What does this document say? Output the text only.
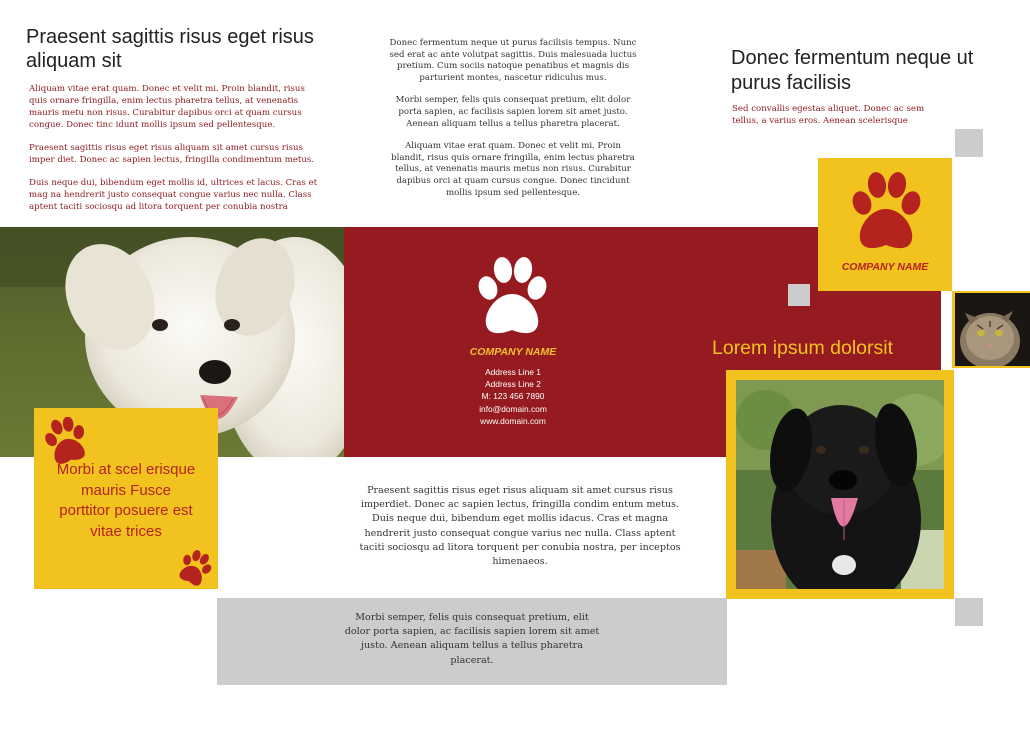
Praesent sagittis risus eget risus aliquam sit

Aliquam vitae erat quam. Donec et velit mi. Proin blandit, risus quis ornare fringilla, enim lectus pharetra tellus, at venenatis mauris metu non risus. Curabitur dapibus orci at quam cursus congue. Donec tinc idunt mollis ipsum sed pellentesque.

Praesent sagittis risus eget risus aliquam sit amet cursus risus imper diet. Donec ac sapien lectus, fringilla condimentum metus.

Duis neque dui, bibendum eget mollis id, ultrices et lacus. Cras et mag na hendrerit justo consequat congue varius nec nulla. Class aptent taciti sociosqu ad litora torquent per conubia nostra

Donec fermentum neque ut purus facilisis tempus. Nunc sed erat ac ante volutpat sagittis. Duis malesuada luctus pretium. Cum sociis natoque penatibus et magnis dis parturient montes, nascetur ridiculus mus.

Morbi semper, felis quis consequat pretium, elit dolor porta sapien, ac facilisis sapien lorem sit amet justo. Aenean aliquam tellus a tellus pharetra placerat.

Aliquam vitae erat quam. Donec et velit mi. Proin blandit, risus quis ornare fringilla, enim lectus pharetra tellus, at venenatis mauris metus non risus. Curabitur dapibus orci at quam cursus congue. Donec tincidunt mollis ipsum sed pellentesque.

Donec fermentum neque ut purus facilisis

Sed convallis egestas aliquet. Donec ac sem tellus, a varius eros. Aenean scelerisque

COMPANY NAME
Address Line 1
Address Line 2
M: 123 456 7890
info@domain.com
www.domain.com
COMPANY NAME
Lorem ipsum dolorsit
Morbi at scel erisque mauris Fusce porttitor posuere est vitae trices

Praesent sagittis risus eget risus aliquam sit amet cursus risus imperdiet. Donec ac sapien lectus, fringilla condim entum metus. Duis neque dui, bibendum eget mollis idacus. Cras et magna hendrerit justo consequat congue varius nec nulla. Class aptent taciti sociosqu ad litora torquent per conubia nostra, per inceptos himenaeos.

Morbi semper, felis quis consequat pretium, elit dolor porta sapien, ac facilisis sapien lorem sit amet justo. Aenean aliquam tellus a tellus pharetra placerat.
